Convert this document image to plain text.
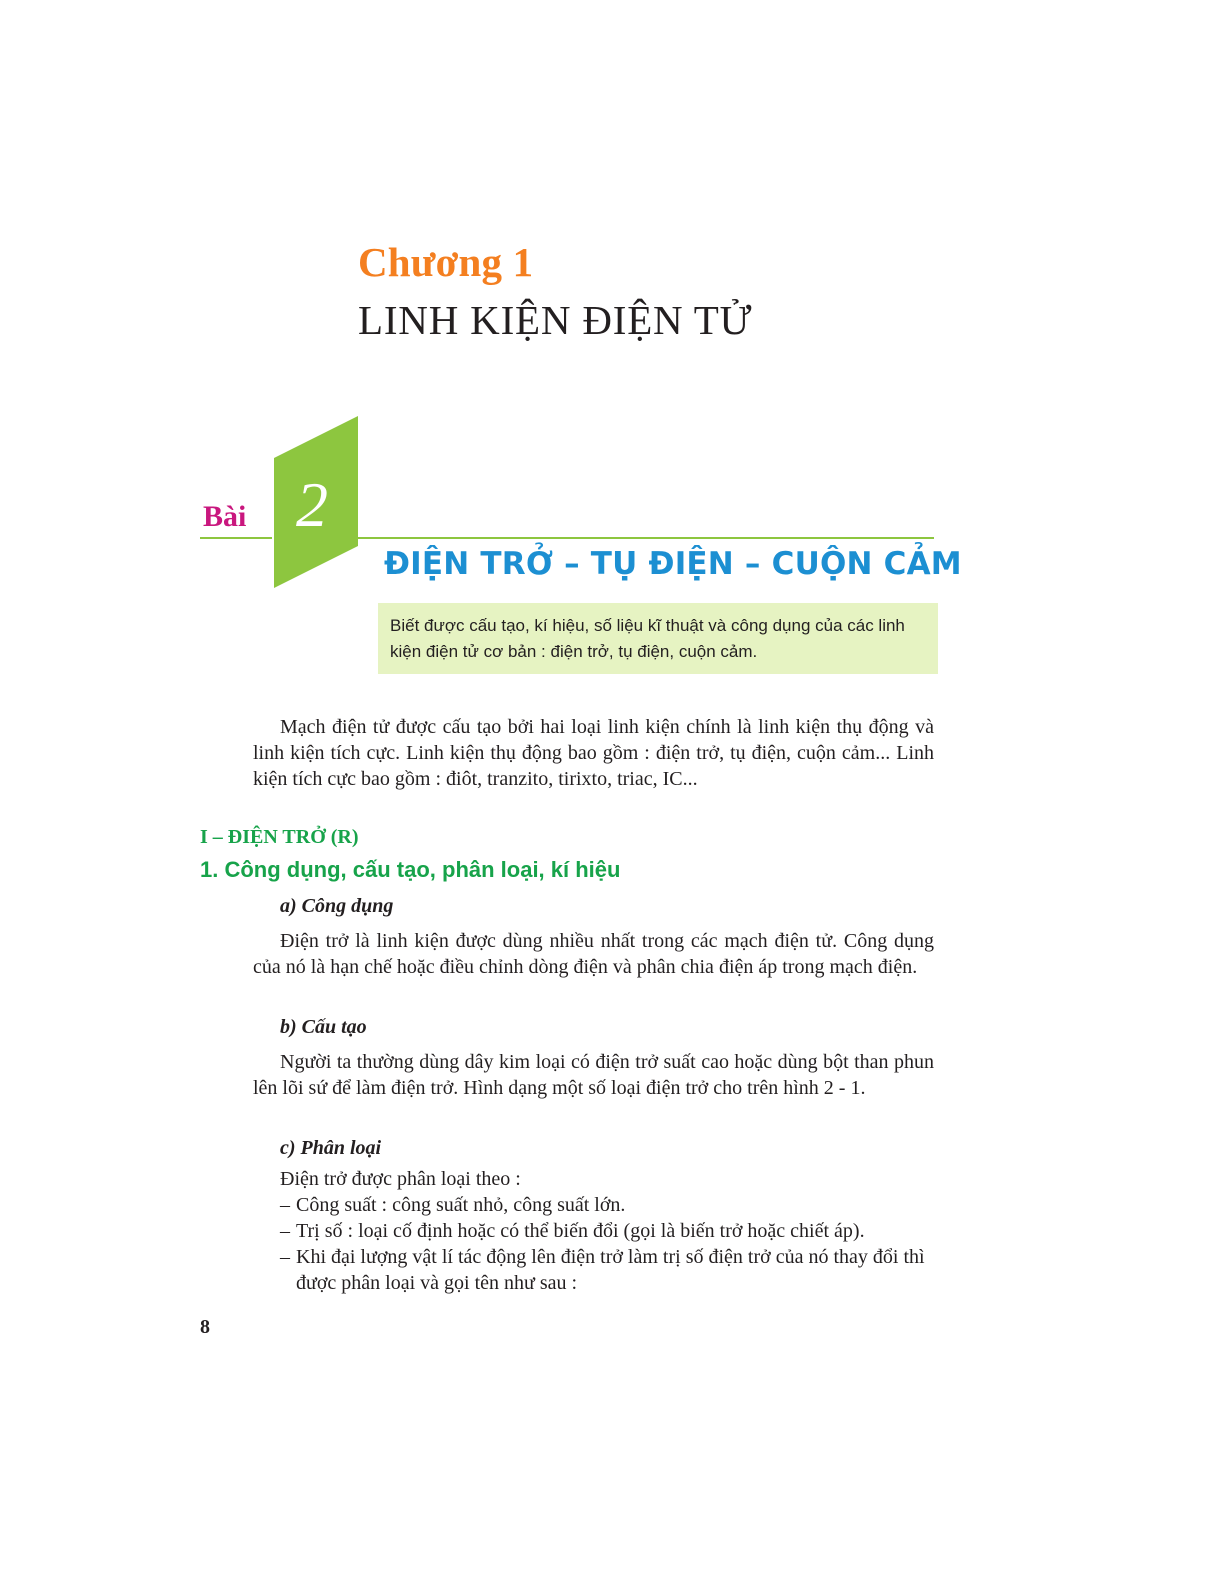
Chương 1
LINH KIỆN ĐIỆN TỬ
2
Bài
ĐIỆN TRỞ – TỤ ĐIỆN – CUỘN CẢM
Biết được cấu tạo, kí hiệu, số liệu kĩ thuật và công dụng của các linh kiện điện tử cơ bản : điện trở, tụ điện, cuộn cảm.
Mạch điện tử được cấu tạo bởi hai loại linh kiện chính là linh kiện thụ động và linh kiện tích cực. Linh kiện thụ động bao gồm : điện trở, tụ điện, cuộn cảm... Linh kiện tích cực bao gồm : điôt, tranzito, tirixto, triac, IC...
I – ĐIỆN TRỞ (R)
1. Công dụng, cấu tạo, phân loại, kí hiệu
a) Công dụng
Điện trở là linh kiện được dùng nhiều nhất trong các mạch điện tử. Công dụng của nó là hạn chế hoặc điều chỉnh dòng điện và phân chia điện áp trong mạch điện.
b) Cấu tạo
Người ta thường dùng dây kim loại có điện trở suất cao hoặc dùng bột than phun lên lõi sứ để làm điện trở. Hình dạng một số loại điện trở cho trên hình 2 - 1.
c) Phân loại
Điện trở được phân loại theo :
– Công suất : công suất nhỏ, công suất lớn.
– Trị số : loại cố định hoặc có thể biến đổi (gọi là biến trở hoặc chiết áp).
– Khi đại lượng vật lí tác động lên điện trở làm trị số điện trở của nó thay đổi thì được phân loại và gọi tên như sau :
8
